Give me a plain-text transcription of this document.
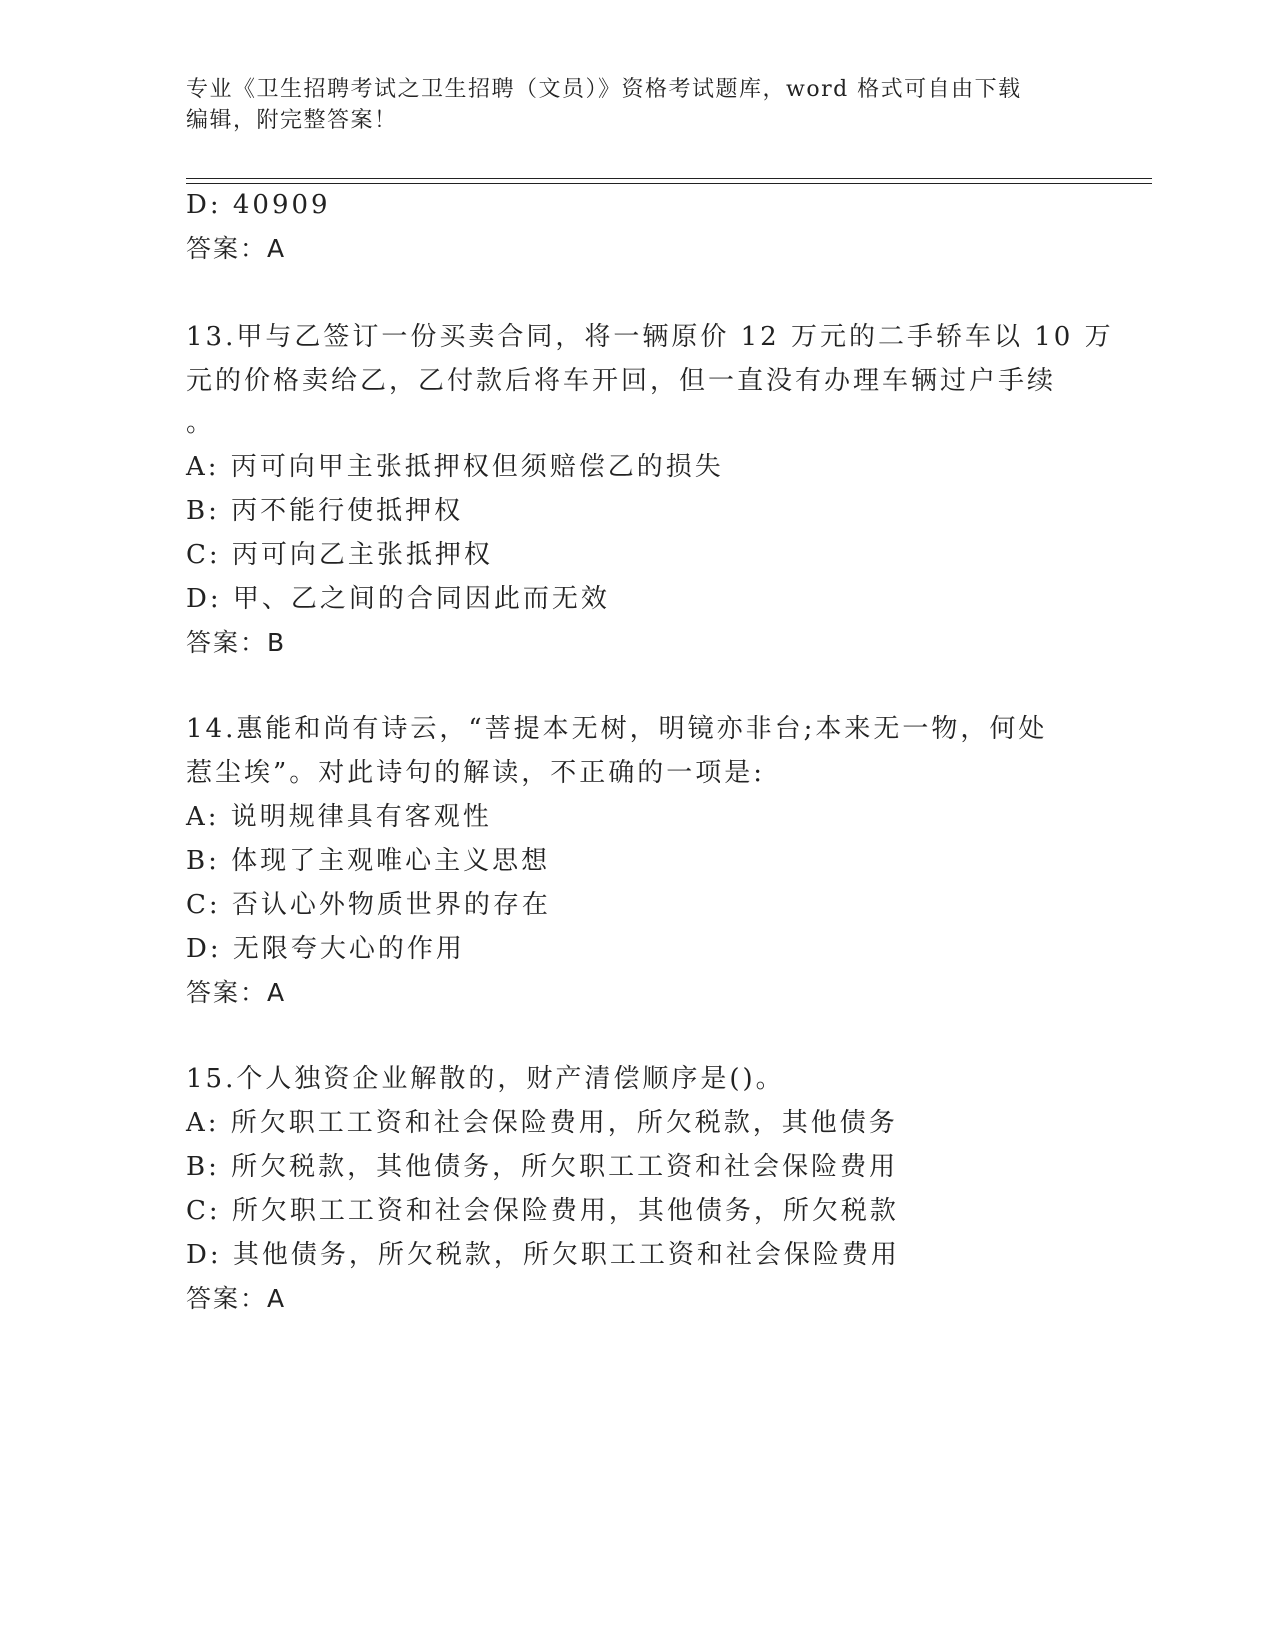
专业《卫生招聘考试之卫生招聘（文员）》资格考试题库，word 格式可自由下载
编辑，附完整答案！
D: 40909
答案：A
13.甲与乙签订一份买卖合同，将一辆原价 12 万元的二手轿车以 10 万
元的价格卖给乙，乙付款后将车开回，但一直没有办理车辆过户手续
。
A: 丙可向甲主张抵押权但须赔偿乙的损失
B: 丙不能行使抵押权
C: 丙可向乙主张抵押权
D: 甲、乙之间的合同因此而无效
答案：B
14.惠能和尚有诗云，“菩提本无树，明镜亦非台;本来无一物，何处
惹尘埃”。对此诗句的解读，不正确的一项是:
A: 说明规律具有客观性
B: 体现了主观唯心主义思想
C: 否认心外物质世界的存在
D: 无限夸大心的作用
答案：A
15.个人独资企业解散的，财产清偿顺序是()。
A: 所欠职工工资和社会保险费用，所欠税款，其他债务
B: 所欠税款，其他债务，所欠职工工资和社会保险费用
C: 所欠职工工资和社会保险费用，其他债务，所欠税款
D: 其他债务，所欠税款，所欠职工工资和社会保险费用
答案：A
